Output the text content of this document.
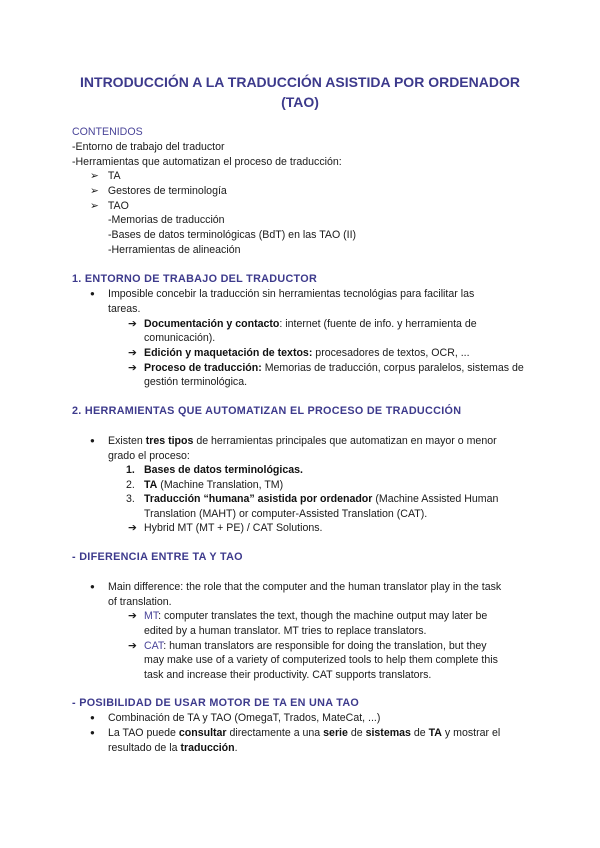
INTRODUCCIÓN A LA TRADUCCIÓN ASISTIDA POR ORDENADOR (TAO)
CONTENIDOS
-Entorno de trabajo del traductor
-Herramientas que automatizan el proceso de traducción:
➢ TA
➢ Gestores de terminología
➢ TAO
-Memorias de traducción
-Bases de datos terminológicas (BdT) en las TAO (II)
-Herramientas de alineación
1. ENTORNO DE TRABAJO DEL TRADUCTOR
●	Imposible concebir la traducción sin herramientas tecnológias para facilitar las
tareas.
➔ Documentación y contacto: internet (fuente de info. y herramienta de
comunicación).
➔ Edición y maquetación de textos: procesadores de textos, OCR, ...
➔ Proceso de traducción: Memorias de traducción, corpus paralelos, sistemas de
gestión terminológica.
2. HERRAMIENTAS QUE AUTOMATIZAN EL PROCESO DE TRADUCCIÓN
●	Existen tres tipos de herramientas principales que automatizan en mayor o menor
grado el proceso:
1. Bases de datos terminológicas.
2. TA (Machine Translation, TM)
3. Traducción “humana” asistida por ordenador (Machine Assisted Human
Translation (MAHT) or computer-Assisted Translation (CAT).
➔ Hybrid MT (MT + PE) / CAT Solutions.
- DIFERENCIA ENTRE TA Y TAO
●	Main difference: the role that the computer and the human translator play in the task
of translation.
➔ MT: computer translates the text, though the machine output may later be
edited by a human translator. MT tries to replace translators.
➔ CAT: human translators are responsible for doing the translation, but they
may make use of a variety of computerized tools to help them complete this
task and increase their productivity. CAT supports translators.
- POSIBILIDAD DE USAR MOTOR DE TA EN UNA TAO
●	Combinación de TA y TAO (OmegaT, Trados, MateCat, ...)
●	La TAO puede consultar directamente a una serie de sistemas de TA y mostrar el
resultado de la traducción.
